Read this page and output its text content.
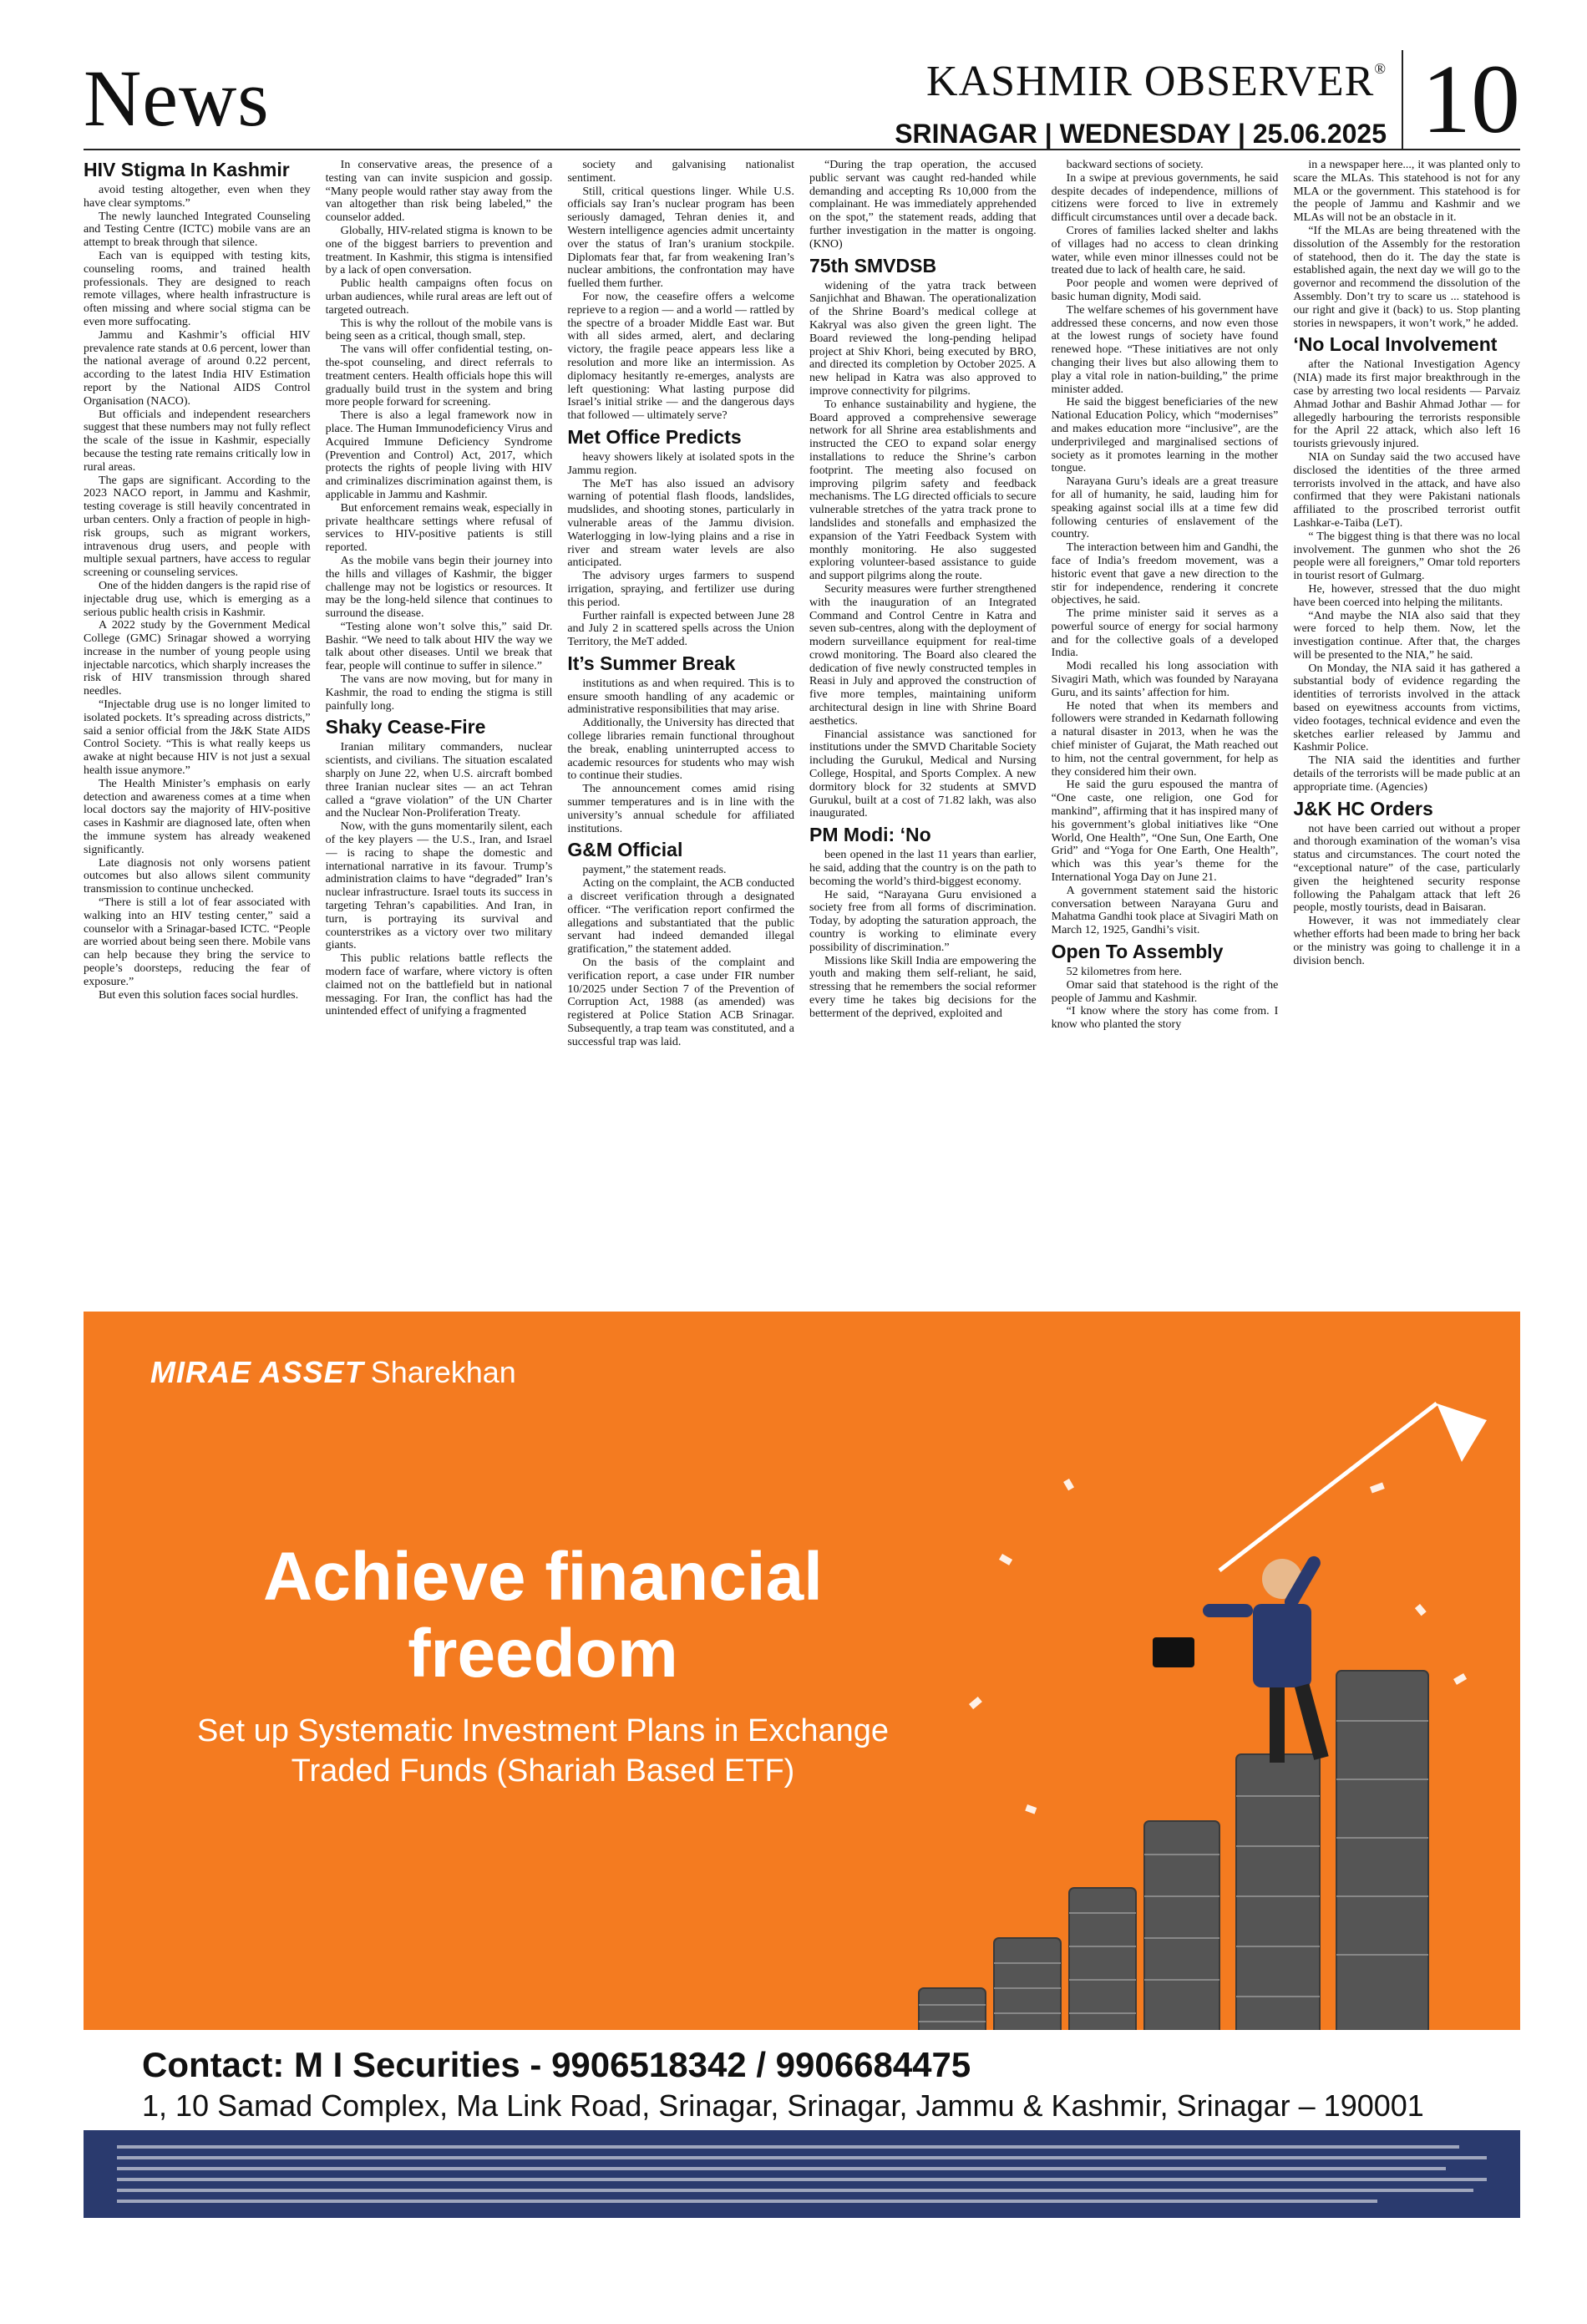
News	KASHMIR OBSERVER®
SRINAGAR | WEDNESDAY | 25.06.2025 10
HIV Stigma In Kashmir

avoid testing altogether, even when they have clear symptoms.”

The newly launched Integrated Counseling and Testing Centre (ICTC) mobile vans are an attempt to break through that silence.

Each van is equipped with testing kits, counseling rooms, and trained health professionals. They are designed to reach remote villages, where health infrastructure is often missing and where social stigma can be even more suffocating.

Jammu and Kashmir’s official HIV prevalence rate stands at 0.6 percent, lower than the national average of around 0.22 percent, according to the latest India HIV Estimation report by the National AIDS Control Organisation (NACO).

But officials and independent researchers suggest that these numbers may not fully reflect the scale of the issue in Kashmir, especially because the testing rate remains critically low in rural areas.

The gaps are significant. According to the 2023 NACO report, in Jammu and Kashmir, testing coverage is still heavily concentrated in urban centers. Only a fraction of people in high-risk groups, such as migrant workers, intravenous drug users, and people with multiple sexual partners, have access to regular screening or counseling services.

One of the hidden dangers is the rapid rise of injectable drug use, which is emerging as a serious public health crisis in Kashmir.

A 2022 study by the Government Medical College (GMC) Srinagar showed a worrying increase in the number of young people using injectable narcotics, which sharply increases the risk of HIV transmission through shared needles.

“Injectable drug use is no longer limited to isolated pockets. It’s spreading across districts,” said a senior official from the J&K State AIDS Control Society. “This is what really keeps us awake at night because HIV is not just a sexual health issue anymore.”

The Health Minister’s emphasis on early detection and awareness comes at a time when local doctors say the majority of HIV-positive cases in Kashmir are diagnosed late, often when the immune system has already weakened significantly.

Late diagnosis not only worsens patient outcomes but also allows silent community transmission to continue unchecked.

“There is still a lot of fear associated with walking into an HIV testing center,” said a counselor with a Srinagar-based ICTC. “People are worried about being seen there. Mobile vans can help because they bring the service to people’s doorsteps, reducing the fear of exposure.”

But even this solution faces social hurdles.

In conservative areas, the presence of a testing van can invite suspicion and gossip. “Many people would rather stay away from the van altogether than risk being labeled,” the counselor added.

Globally, HIV-related stigma is known to be one of the biggest barriers to prevention and treatment. In Kashmir, this stigma is intensified by a lack of open conversation.

Public health campaigns often focus on urban audiences, while rural areas are left out of targeted outreach.

This is why the rollout of the mobile vans is being seen as a critical, though small, step.

The vans will offer confidential testing, on-the-spot counseling, and direct referrals to treatment centers. Health officials hope this will gradually build trust in the system and bring more people forward for screening.

There is also a legal framework now in place. The Human Immunodeficiency Virus and Acquired Immune Deficiency Syndrome (Prevention and Control) Act, 2017, which protects the rights of people living with HIV and criminalizes discrimination against them, is applicable in Jammu and Kashmir.

But enforcement remains weak, especially in private healthcare settings where refusal of services to HIV-positive patients is still reported.

As the mobile vans begin their journey into the hills and villages of Kashmir, the bigger challenge may not be logistics or resources. It may be the long-held silence that continues to surround the disease.

“Testing alone won’t solve this,” said Dr. Bashir. “We need to talk about HIV the way we talk about other diseases. Until we break that fear, people will continue to suffer in silence.”

The vans are now moving, but for many in Kashmir, the road to ending the stigma is still painfully long.

Shaky Cease-Fire

Iranian military commanders, nuclear scientists, and civilians. The situation escalated sharply on June 22, when U.S. aircraft bombed three Iranian nuclear sites — an act Tehran called a “grave violation” of the UN Charter and the Nuclear Non-Proliferation Treaty.

Now, with the guns momentarily silent, each of the key players — the U.S., Iran, and Israel — is racing to shape the domestic and international narrative in its favour. Trump’s administration claims to have “degraded” Iran’s nuclear infrastructure. Israel touts its success in targeting Tehran’s capabilities. And Iran, in turn, is portraying its survival and counterstrikes as a victory over two military giants.

This public relations battle reflects the modern face of warfare, where victory is often claimed not on the battlefield but in national messaging. For Iran, the conflict has had the unintended effect of unifying a fragmented

society and galvanising nationalist sentiment.

Still, critical questions linger. While U.S. officials say Iran’s nuclear program has been seriously damaged, Tehran denies it, and Western intelligence agencies admit uncertainty over the status of Iran’s uranium stockpile. Diplomats fear that, far from weakening Iran’s nuclear ambitions, the confrontation may have fuelled them further.

For now, the ceasefire offers a welcome reprieve to a region — and a world — rattled by the spectre of a broader Middle East war. But with all sides armed, alert, and declaring victory, the fragile peace appears less like a resolution and more like an intermission. As diplomacy hesitantly re-emerges, analysts are left questioning: What lasting purpose did Israel’s initial strike — and the dangerous days that followed — ultimately serve?

Met Office Predicts

heavy showers likely at isolated spots in the Jammu region.

The MeT has also issued an advisory warning of potential flash floods, landslides, mudslides, and shooting stones, particularly in vulnerable areas of the Jammu division. Waterlogging in low-lying plains and a rise in river and stream water levels are also anticipated.

The advisory urges farmers to suspend irrigation, spraying, and fertilizer use during this period.

Further rainfall is expected between June 28 and July 2 in scattered spells across the Union Territory, the MeT added.

It’s Summer Break

institutions as and when required. This is to ensure smooth handling of any academic or administrative responsibilities that may arise.

Additionally, the University has directed that college libraries remain functional throughout the break, enabling uninterrupted access to academic resources for students who may wish to continue their studies.

The announcement comes amid rising summer temperatures and is in line with the university’s annual schedule for affiliated institutions.

G&M Official

payment,” the statement reads.

Acting on the complaint, the ACB conducted a discreet verification through a designated officer. “The verification report confirmed the allegations and substantiated that the public servant had indeed demanded illegal gratification,” the statement added.

On the basis of the complaint and verification report, a case under FIR number 10/2025 under Section 7 of the Prevention of Corruption Act, 1988 (as amended) was registered at Police Station ACB Srinagar. Subsequently, a trap team was constituted, and a successful trap was laid.

“During the trap operation, the accused public servant was caught red-handed while demanding and accepting Rs 10,000 from the complainant. He was immediately apprehended on the spot,” the statement reads, adding that further investigation in the matter is ongoing. (KNO)

75th SMVDSB

widening of the yatra track between Sanjichhat and Bhawan. The operationalization of the Shrine Board’s medical college at Kakryal was also given the green light. The Board reviewed the long-pending helipad project at Shiv Khori, being executed by BRO, and directed its completion by October 2025. A new helipad in Katra was also approved to improve connectivity for pilgrims.

To enhance sustainability and hygiene, the Board approved a comprehensive sewerage network for all Shrine area establishments and instructed the CEO to expand solar energy installations to reduce the Shrine’s carbon footprint. The meeting also focused on improving pilgrim safety and feedback mechanisms. The LG directed officials to secure vulnerable stretches of the yatra track prone to landslides and stonefalls and emphasized the expansion of the Yatri Feedback System with monthly monitoring. He also suggested exploring volunteer-based assistance to guide and support pilgrims along the route.

Security measures were further strengthened with the inauguration of an Integrated Command and Control Centre in Katra and seven sub-centres, along with the deployment of modern surveillance equipment for real-time crowd monitoring. The Board also cleared the dedication of five newly constructed temples in Reasi in July and approved the construction of five more temples, maintaining uniform architectural design in line with Shrine Board aesthetics.

Financial assistance was sanctioned for institutions under the SMVD Charitable Society including the Gurukul, Medical and Nursing College, Hospital, and Sports Complex. A new dormitory block for 32 students at SMVD Gurukul, built at a cost of 71.82 lakh, was also inaugurated.

PM Modi: ‘No

been opened in the last 11 years than earlier, he said, adding that the country is on the path to becoming the world’s third-biggest economy.

He said, “Narayana Guru envisioned a society free from all forms of discrimination. Today, by adopting the saturation approach, the country is working to eliminate every possibility of discrimination.”

Missions like Skill India are empowering the youth and making them self-reliant, he said, stressing that he remembers the social reformer every time he takes big decisions for the betterment of the deprived, exploited and

backward sections of society.

In a swipe at previous governments, he said despite decades of independence, millions of citizens were forced to live in extremely difficult circumstances until over a decade back.

Crores of families lacked shelter and lakhs of villages had no access to clean drinking water, while even minor illnesses could not be treated due to lack of health care, he said.

Poor people and women were deprived of basic human dignity, Modi said.

The welfare schemes of his government have addressed these concerns, and now even those at the lowest rungs of society have found renewed hope. “These initiatives are not only changing their lives but also allowing them to play a vital role in nation-building,” the prime minister added.

He said the biggest beneficiaries of the new National Education Policy, which “modernises” and makes education more “inclusive”, are the underprivileged and marginalised sections of society as it promotes learning in the mother tongue.

Narayana Guru’s ideals are a great treasure for all of humanity, he said, lauding him for speaking against social ills at a time few did following centuries of enslavement of the country.

The interaction between him and Gandhi, the face of India’s freedom movement, was a historic event that gave a new direction to the stir for independence, rendering it concrete objectives, he said.

The prime minister said it serves as a powerful source of energy for social harmony and for the collective goals of a developed India.

Modi recalled his long association with Sivagiri Math, which was founded by Narayana Guru, and its saints’ affection for him.

He noted that when its members and followers were stranded in Kedarnath following a natural disaster in 2013, when he was the chief minister of Gujarat, the Math reached out to him, not the central government, for help as they considered him their own.

He said the guru espoused the mantra of “One caste, one religion, one God for mankind”, affirming that it has inspired many of his government’s global initiatives like “One World, One Health”, “One Sun, One Earth, One Grid” and “Yoga for One Earth, One Health”, which was this year’s theme for the International Yoga Day on June 21.

A government statement said the historic conversation between Narayana Guru and Mahatma Gandhi took place at Sivagiri Math on March 12, 1925, Gandhi’s visit.

Open To Assembly

52 kilometres from here.

Omar said that statehood is the right of the people of Jammu and Kashmir.

“I know where the story has come from. I know who planted the story

in a newspaper here..., it was planted only to scare the MLAs. This statehood is not for any MLA or the government. This statehood is for the people of Jammu and Kashmir and we MLAs will not be an obstacle in it.

“If the MLAs are being threatened with the dissolution of the Assembly for the restoration of statehood, then do it. The day the state is established again, the next day we will go to the governor and recommend the dissolution of the Assembly. Don’t try to scare us ... statehood is our right and give it (back) to us. Stop planting stories in newspapers, it won’t work,” he added.

‘No Local Involvement

after the National Investigation Agency (NIA) made its first major breakthrough in the case by arresting two local residents — Parvaiz Ahmad Jothar and Bashir Ahmad Jothar — for allegedly harbouring the terrorists responsible for the April 22 attack, which also left 16 tourists grievously injured.

NIA on Sunday said the two accused have disclosed the identities of the three armed terrorists involved in the attack, and have also confirmed that they were Pakistani nationals affiliated to the proscribed terrorist outfit Lashkar-e-Taiba (LeT).

“ The biggest thing is that there was no local involvement. The gunmen who shot the 26 people were all foreigners,” Omar told reporters in tourist resort of Gulmarg.

He, however, stressed that the duo might have been coerced into helping the militants.

“And maybe the NIA also said that they were forced to help them. Now, let the investigation continue. After that, the charges will be presented to the NIA,” he said.

On Monday, the NIA said it has gathered a substantial body of evidence regarding the identities of terrorists involved in the attack based on eyewitness accounts from victims, video footages, technical evidence and even the sketches earlier released by Jammu and Kashmir Police.

The NIA said the identities and further details of the terrorists will be made public at an appropriate time. (Agencies)

J&K HC Orders

not have been carried out without a proper and thorough examination of the woman’s visa status and circumstances. The court noted the “exceptional nature” of the case, particularly given the heightened security response following the Pahalgam attack that left 26 people, mostly tourists, dead in Baisaran.

However, it was not immediately clear whether efforts had been made to bring her back or the ministry was going to challenge it in a division bench.

MIRAE ASSET Sharekhan
Achieve financial freedom
Set up Systematic Investment Plans in Exchange Traded Funds (Shariah Based ETF)
Contact: M I Securities - 9906518342 / 9906684475
1, 10 Samad Complex, Ma Link Road, Srinagar, Srinagar, Jammu & Kashmir, Srinagar – 190001
